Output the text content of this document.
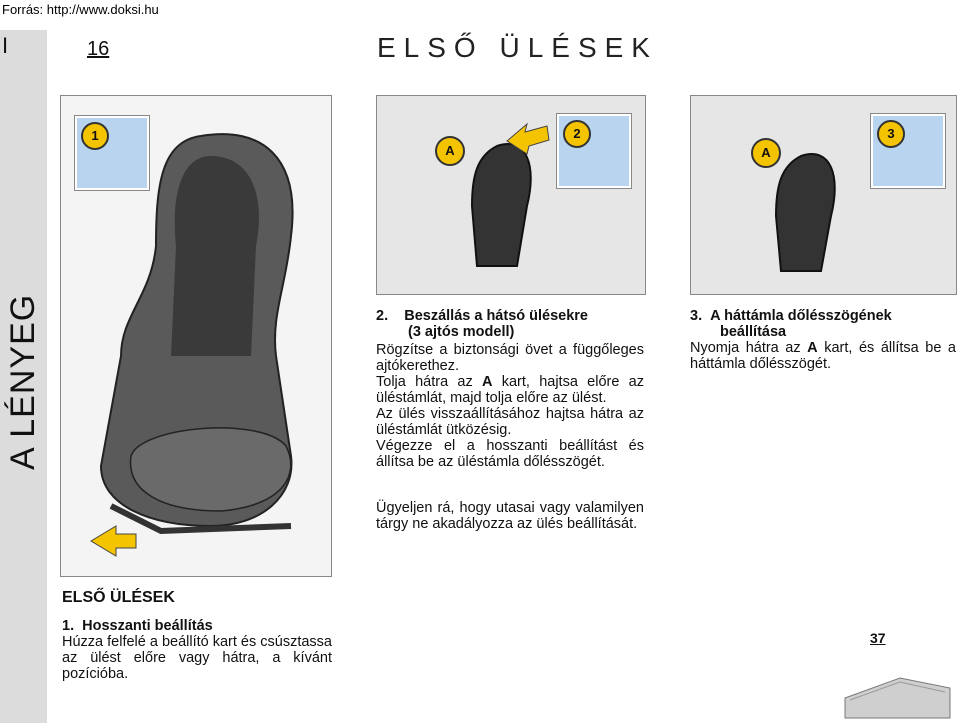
Forrás: http://www.doksi.hu
I
A LÉNYEG
16	ELSŐ ÜLÉSEK
1
A
2
A
3
2. Beszállás a hátsó ülésekre
(3 ajtós modell)
Rögzítse a biztonsági övet a függőleges ajtókerethez.
Tolja hátra az A kart, hajtsa előre az üléstámlát, majd tolja előre az ülést.
Az ülés visszaállításához hajtsa hátra az üléstámlát ütközésig.
Végezze el a hosszanti beállítást és állítsa be az üléstámla dőlésszögét.
Ügyeljen rá, hogy utasai vagy valamilyen tárgy ne akadályozza az ülés beállítását.
3. A háttámla dőlésszögének
beállítása
Nyomja hátra az A kart, és állítsa be a háttámla dőlésszögét.
ELSŐ ÜLÉSEK
1. Hosszanti beállítás
Húzza felfelé a beállító kart és csúsztassa az ülést előre vagy hátra, a kívánt pozícióba.
37
